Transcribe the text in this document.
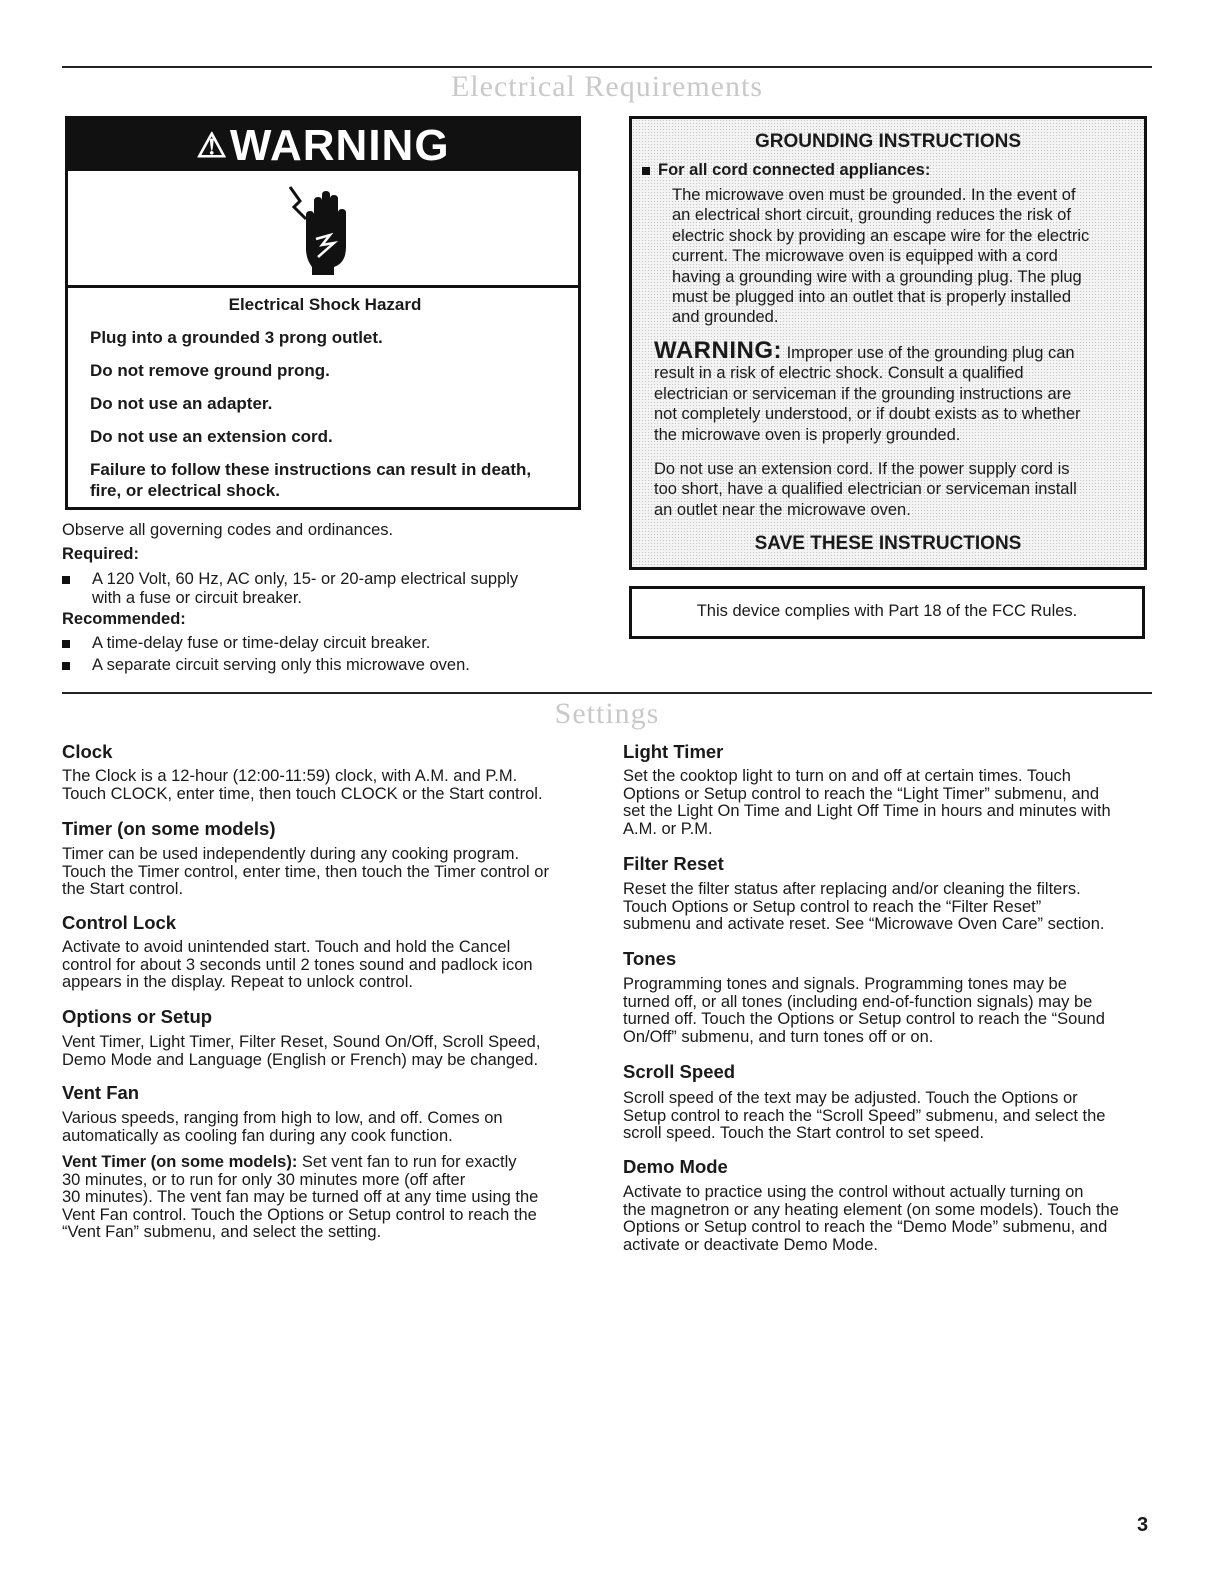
Electrical Requirements
⚠WARNING
Electrical Shock Hazard
Plug into a grounded 3 prong outlet.
Do not remove ground prong.
Do not use an adapter.
Do not use an extension cord.
Failure to follow these instructions can result in death,
fire, or electrical shock.
Observe all governing codes and ordinances.
Required:
A 120 Volt, 60 Hz, AC only, 15- or 20-amp electrical supply
with a fuse or circuit breaker.
Recommended:
A time-delay fuse or time-delay circuit breaker.
A separate circuit serving only this microwave oven.
GROUNDING INSTRUCTIONS
For all cord connected appliances:
The microwave oven must be grounded. In the event of
an electrical short circuit, grounding reduces the risk of
electric shock by providing an escape wire for the electric
current. The microwave oven is equipped with a cord
having a grounding wire with a grounding plug. The plug
must be plugged into an outlet that is properly installed
and grounded.
WARNING: Improper use of the grounding plug can
result in a risk of electric shock. Consult a qualified
electrician or serviceman if the grounding instructions are
not completely understood, or if doubt exists as to whether
the microwave oven is properly grounded.
Do not use an extension cord. If the power supply cord is
too short, have a qualified electrician or serviceman install
an outlet near the microwave oven.
SAVE THESE INSTRUCTIONS
This device complies with Part 18 of the FCC Rules.
Settings
Clock
The Clock is a 12-hour (12:00-11:59) clock, with A.M. and P.M.
Touch CLOCK, enter time, then touch CLOCK or the Start control.
Timer (on some models)
Timer can be used independently during any cooking program.
Touch the Timer control, enter time, then touch the Timer control or
the Start control.
Control Lock
Activate to avoid unintended start. Touch and hold the Cancel
control for about 3 seconds until 2 tones sound and padlock icon
appears in the display. Repeat to unlock control.
Options or Setup
Vent Timer, Light Timer, Filter Reset, Sound On/Off, Scroll Speed,
Demo Mode and Language (English or French) may be changed.
Vent Fan
Various speeds, ranging from high to low, and off. Comes on
automatically as cooling fan during any cook function.
Vent Timer (on some models): Set vent fan to run for exactly
30 minutes, or to run for only 30 minutes more (off after
30 minutes). The vent fan may be turned off at any time using the
Vent Fan control. Touch the Options or Setup control to reach the
“Vent Fan” submenu, and select the setting.
Light Timer
Set the cooktop light to turn on and off at certain times. Touch
Options or Setup control to reach the “Light Timer” submenu, and
set the Light On Time and Light Off Time in hours and minutes with
A.M. or P.M.
Filter Reset
Reset the filter status after replacing and/or cleaning the filters.
Touch Options or Setup control to reach the “Filter Reset”
submenu and activate reset. See “Microwave Oven Care” section.
Tones
Programming tones and signals. Programming tones may be
turned off, or all tones (including end-of-function signals) may be
turned off. Touch the Options or Setup control to reach the “Sound
On/Off” submenu, and turn tones off or on.
Scroll Speed
Scroll speed of the text may be adjusted. Touch the Options or
Setup control to reach the “Scroll Speed” submenu, and select the
scroll speed. Touch the Start control to set speed.
Demo Mode
Activate to practice using the control without actually turning on
the magnetron or any heating element (on some models). Touch the
Options or Setup control to reach the “Demo Mode” submenu, and
activate or deactivate Demo Mode.
3
